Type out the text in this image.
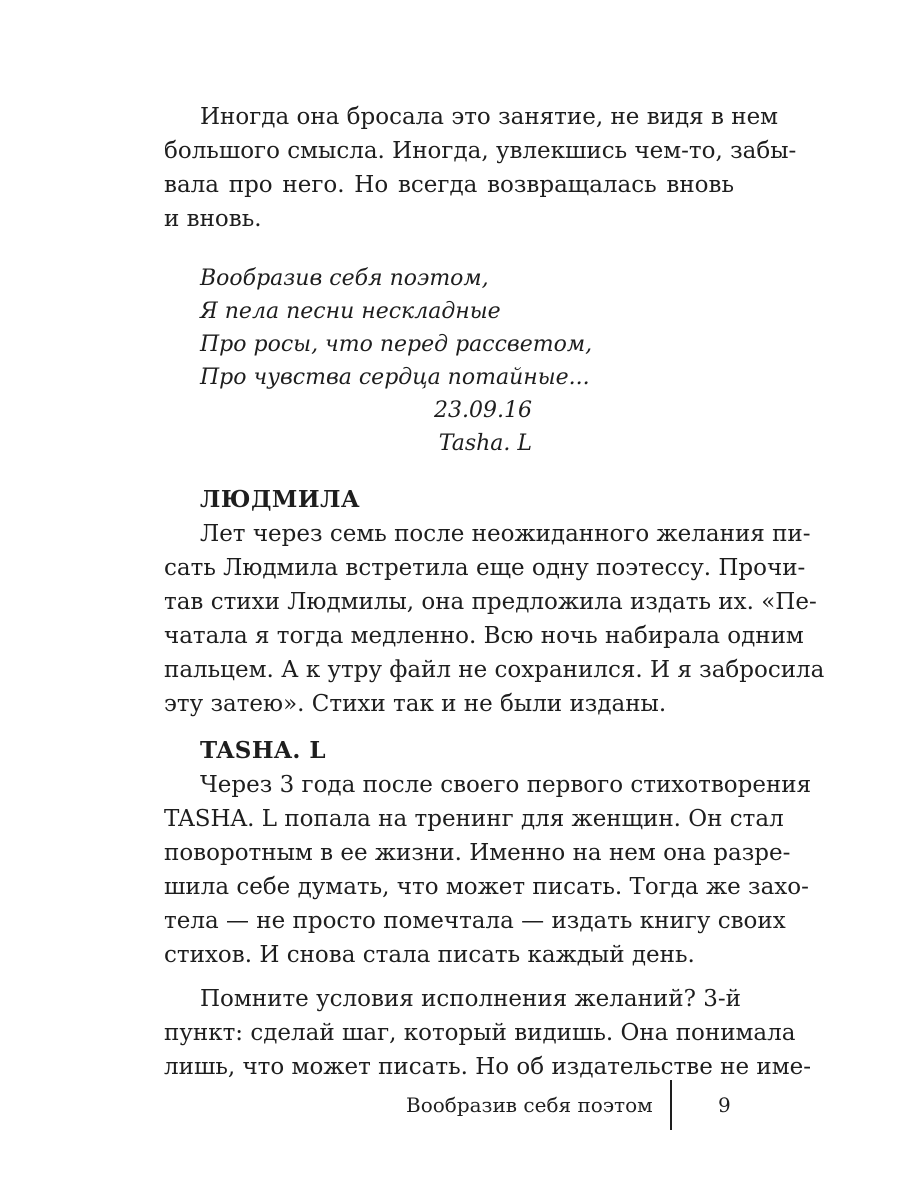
Иногда она бросала это занятие, не видя в нем
большого смысла. Иногда, увлекшись чем-то, забы-
вала про него. Но всегда возвращалась вновь
и вновь.
Вообразив себя поэтом,
Я пела песни нескладные
Про росы, что перед рассветом,
Про чувства сердца потайные...
23.09.16
Tasha. L
ЛЮДМИЛА
Лет через семь после неожиданного желания пи-
сать Людмила встретила еще одну поэтессу. Прочи-
тав стихи Людмилы, она предложила издать их. «Пе-
чатала я тогда медленно. Всю ночь набирала одним
пальцем. А к утру файл не сохранился. И я забросила
эту затею». Стихи так и не были изданы.
TASHA. L
Через 3 года после своего первого стихотворения
TASHA. L попала на тренинг для женщин. Он стал
поворотным в ее жизни. Именно на нем она разре-
шила себе думать, что может писать. Тогда же захо-
тела — не просто помечтала — издать книгу своих
стихов. И снова стала писать каждый день.
Помните условия исполнения желаний? 3-й
пункт: сделай шаг, который видишь. Она понимала
лишь, что может писать. Но об издательстве не име-
Вообразив себя поэтом	9
